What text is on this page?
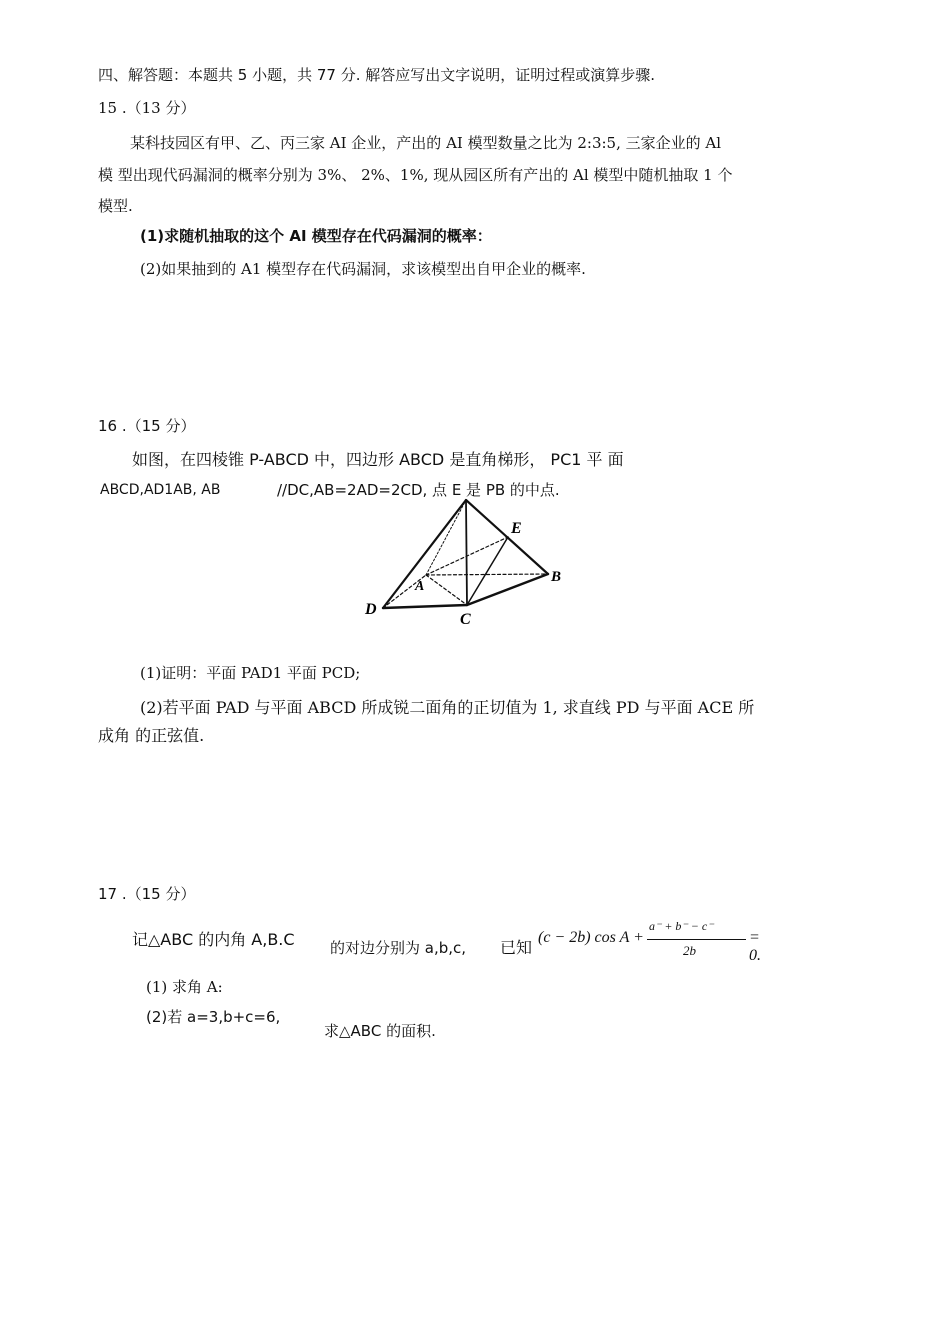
四、解答题：本题共 5 小题，共 77 分. 解答应写出文字说明，证明过程或演算步骤.
15 .（13 分）
某科技园区有甲、乙、丙三家 AI 企业，产出的 AI 模型数量之比为 2:3:5, 三家企业的 Al
模 型出现代码漏洞的概率分别为 3%、 2%、1%, 现从园区所有产出的 Al 模型中随机抽取 1 个
模型.
(1)求随机抽取的这个 AI 模型存在代码漏洞的概率：
(2)如果抽到的 A1 模型存在代码漏洞，求该模型出自甲企业的概率.
16 .（15 分）
如图，在四棱锥 P-ABCD 中，四边形 ABCD 是直角梯形， PC1 平 面
ABCD,AD1AB, AB	//DC,AB=2AD=2CD, 点 E 是 PB 的中点.
E
A
B
C
D
(1)证明：平面 PAD1 平面 PCD;
(2)若平面 PAD 与平面 ABCD 所成锐二面角的正切值为 1, 求直线 PD 与平面 ACE 所
成角 的正弦值.
17 .（15 分）
记△ABC 的内角 A,B.C 的对边分别为 a,b,c, 已知
(c − 2b) cos A +
a⁻ + b⁻ − c⁻
2b
= 0.
(1) 求角 A:
(2)若 a=3,b+c=6,
求△ABC 的面积.
